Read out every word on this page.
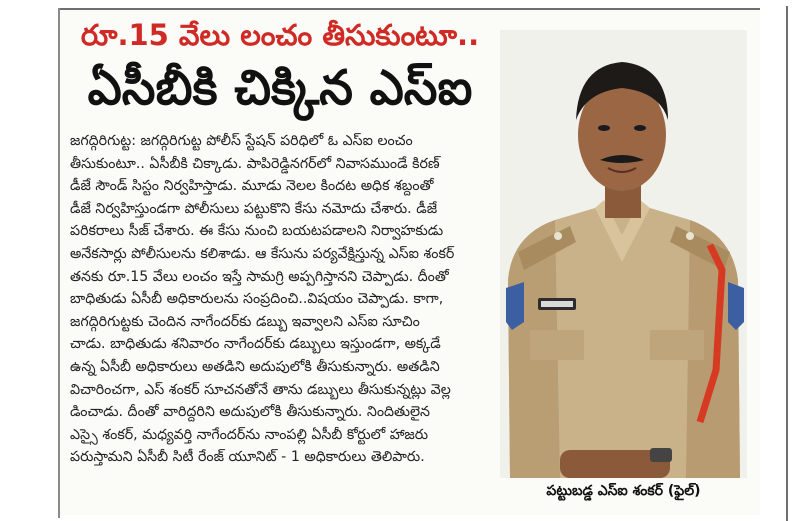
రూ.15 వేలు లంచం తీసుకుంటూ..
ఏసీబీకి చిక్కిన ఎస్ఐ
జగద్గిరిగుట్ట: జగద్గిరిగుట్ట పోలీస్ స్టేషన్ పరిధిలో ఓ ఎస్ఐ లంచం
తీసుకుంటూ.. ఏసీబీకి చిక్కాడు. పాపిరెడ్డినగర్‌లో నివాసముండే కిరణ్
డీజే సౌండ్ సిస్టం నిర్వహిస్తాడు. మూడు నెలల కిందట అధిక శబ్దంతో
డీజే నిర్వహిస్తుండగా పోలీసులు పట్టుకొని కేసు నమోదు చేశారు. డీజే
పరికరాలు సీజ్ చేశారు. ఈ కేసు నుంచి బయటపడాలని నిర్వాహకుడు
అనేకసార్లు పోలీసులను కలిశాడు. ఆ కేసును పర్యవేక్షిస్తున్న ఎస్ఐ శంకర్
తనకు రూ.15 వేలు లంచం ఇస్తే సామగ్రి అప్పగిస్తానని చెప్పాడు. దీంతో
బాధితుడు ఏసీబీ అధికారులను సంప్రదించి..విషయం చెప్పాడు. కాగా,
జగద్గిరిగుట్టకు చెందిన నాగేందర్‌కు డబ్బు ఇవ్వాలని ఎస్ఐ సూచిం
చాడు. బాధితుడు శనివారం నాగేందర్‌కు డబ్బులు ఇస్తుండగా, అక్కడే
ఉన్న ఏసీబీ అధికారులు అతడిని అదుపులోకి తీసుకున్నారు. అతడిని
విచారించగా, ఎస్ శంకర్ సూచనతోనే తాను డబ్బులు తీసుకున్నట్లు వెల్ల
డించాడు. దీంతో వారిద్దరిని అదుపులోకి తీసుకున్నారు. నిందితులైన
ఎస్సై శంకర్, మధ్యవర్తి నాగేందర్‌ను నాంపల్లి ఏసీబీ కోర్టులో హాజరు
పరుస్తామని ఏసీబీ సిటీ రేంజ్ యూనిట్ - 1 అధికారులు తెలిపారు.
పట్టుబడ్డ ఎస్ఐ శంకర్ (ఫైల్)
